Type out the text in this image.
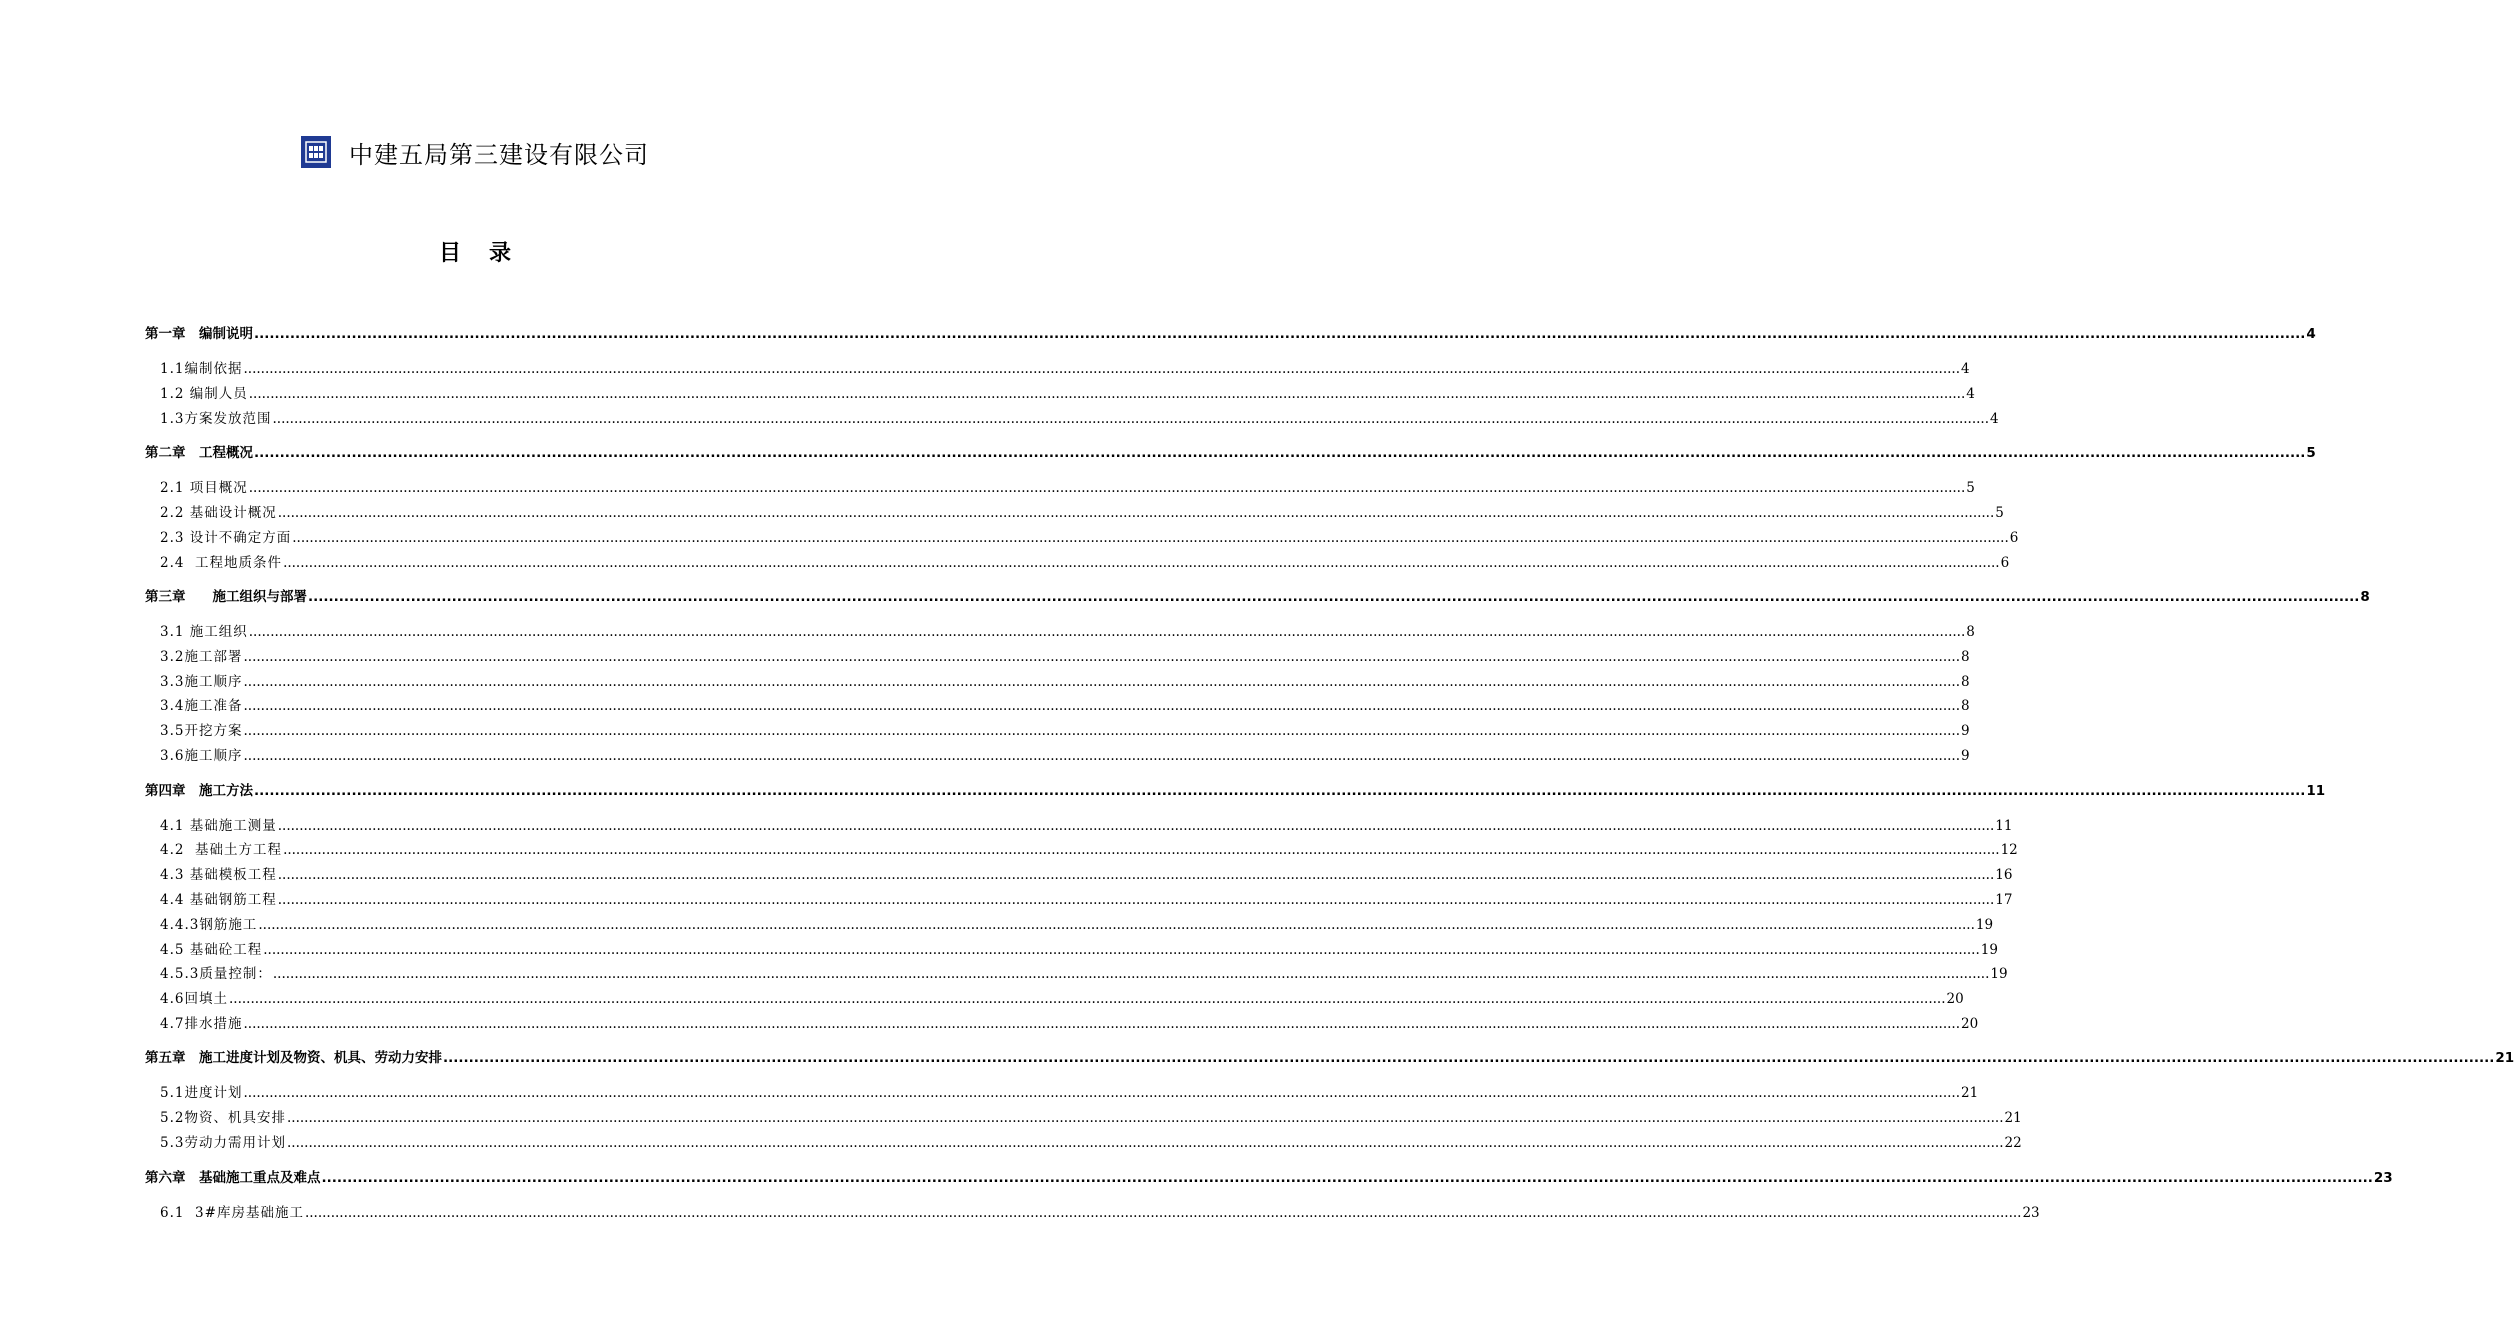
中建五局第三建设有限公司
目录
第一章　编制说明 ................................................................................................................................................................................................................................................................................................................................................................................................................ 4
1.1编制依据 ................................................................................................................................................................................................................................................................................................................................................................................................................ 4
1.2 编制人员 ................................................................................................................................................................................................................................................................................................................................................................................................................ 4
1.3方案发放范围 ................................................................................................................................................................................................................................................................................................................................................................................................................ 4
第二章　工程概况 ................................................................................................................................................................................................................................................................................................................................................................................................................ 5
2.1 项目概况 ................................................................................................................................................................................................................................................................................................................................................................................................................ 5
2.2 基础设计概况 ................................................................................................................................................................................................................................................................................................................................................................................................................ 5
2.3 设计不确定方面 ................................................................................................................................................................................................................................................................................................................................................................................................................ 6
2.4  工程地质条件 ................................................................................................................................................................................................................................................................................................................................................................................................................ 6
第三章　　施工组织与部署 ................................................................................................................................................................................................................................................................................................................................................................................................................ 8
3.1 施工组织 ................................................................................................................................................................................................................................................................................................................................................................................................................ 8
3.2施工部署 ................................................................................................................................................................................................................................................................................................................................................................................................................ 8
3.3施工顺序 ................................................................................................................................................................................................................................................................................................................................................................................................................ 8
3.4施工准备 ................................................................................................................................................................................................................................................................................................................................................................................................................ 8
3.5开挖方案 ................................................................................................................................................................................................................................................................................................................................................................................................................ 9
3.6施工顺序 ................................................................................................................................................................................................................................................................................................................................................................................................................ 9
第四章　施工方法 ................................................................................................................................................................................................................................................................................................................................................................................................................ 11
4.1 基础施工测量 ................................................................................................................................................................................................................................................................................................................................................................................................................ 11
4.2  基础土方工程 ................................................................................................................................................................................................................................................................................................................................................................................................................ 12
4.3 基础模板工程 ................................................................................................................................................................................................................................................................................................................................................................................................................ 16
4.4 基础钢筋工程 ................................................................................................................................................................................................................................................................................................................................................................................................................ 17
4.4.3钢筋施工 ................................................................................................................................................................................................................................................................................................................................................................................................................ 19
4.5 基础砼工程 ................................................................................................................................................................................................................................................................................................................................................................................................................ 19
4.5.3质量控制： ................................................................................................................................................................................................................................................................................................................................................................................................................ 19
4.6回填土 ................................................................................................................................................................................................................................................................................................................................................................................................................ 20
4.7排水措施 ................................................................................................................................................................................................................................................................................................................................................................................................................ 20
第五章　施工进度计划及物资、机具、劳动力安排 ................................................................................................................................................................................................................................................................................................................................................................................................................ 21
5.1进度计划 ................................................................................................................................................................................................................................................................................................................................................................................................................ 21
5.2物资、机具安排 ................................................................................................................................................................................................................................................................................................................................................................................................................ 21
5.3劳动力需用计划 ................................................................................................................................................................................................................................................................................................................................................................................................................ 22
第六章　基础施工重点及难点 ................................................................................................................................................................................................................................................................................................................................................................................................................ 23
6.1  3#库房基础施工 ................................................................................................................................................................................................................................................................................................................................................................................................................ 23
